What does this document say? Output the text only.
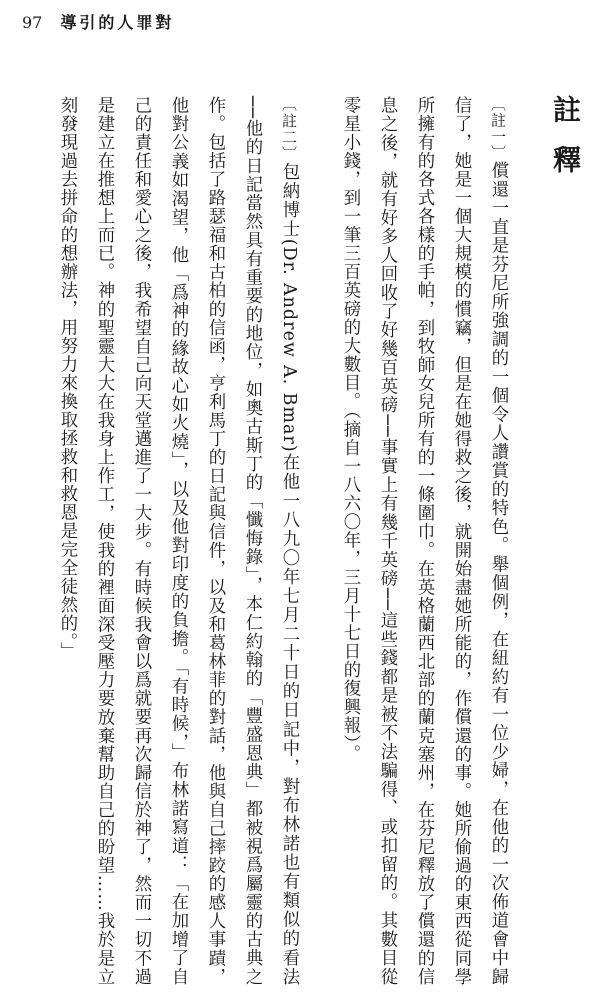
97 導引的人罪對
註釋

〔註一〕償還一直是芬尼所強調的一個令人讚賞的特色。舉個例，在紐約有一位少婦，在他的一次佈道會中歸信了，她是一個大規模的慣竊，但是在她得救之後，就開始盡她所能的，作償還的事。她所偷過的東西從同學所擁有的各式各樣的手帕，到牧師女兒所有的一條圍巾。在英格蘭西北部的蘭克塞州，在芬尼釋放了償還的信息之後，就有好多人回收了好幾百英磅──事實上有幾千英磅──這些錢都是被不法騙得、或扣留的。其數目從零星小錢，到一筆三百英磅的大數目。（摘自一八六〇年，三月十七日的復興報）。

〔註二〕包納博士(Dr. Andrew A. Bmar)在他一八九〇年七月二十日的日記中，對布林諾也有類似的看法──他的日記當然具有重要的地位，如奧古斯丁的「懺悔錄」，本仁約翰的「豐盛恩典」都被視爲屬靈的古典之作。包括了路瑟福和古柏的信函，亨利馬丁的日記與信件，以及和葛林菲的對話，他與自己摔跤的感人事蹟，他對公義如渴望，他「爲神的緣故心如火燒」，以及他對印度的負擔。「有時候，」布林諾寫道：「在加增了自己的責任和愛心之後，我希望自己向天堂邁進了一大步。有時候我會以爲就要再次歸信於神了，然而一切不過是建立在推想上而已。神的聖靈大大在我身上作工，使我的裡面深受壓力要放棄幫助自己的盼望……我於是立刻發現過去拼命的想辦法，用努力來換取拯救和救恩是完全徒然的。」
